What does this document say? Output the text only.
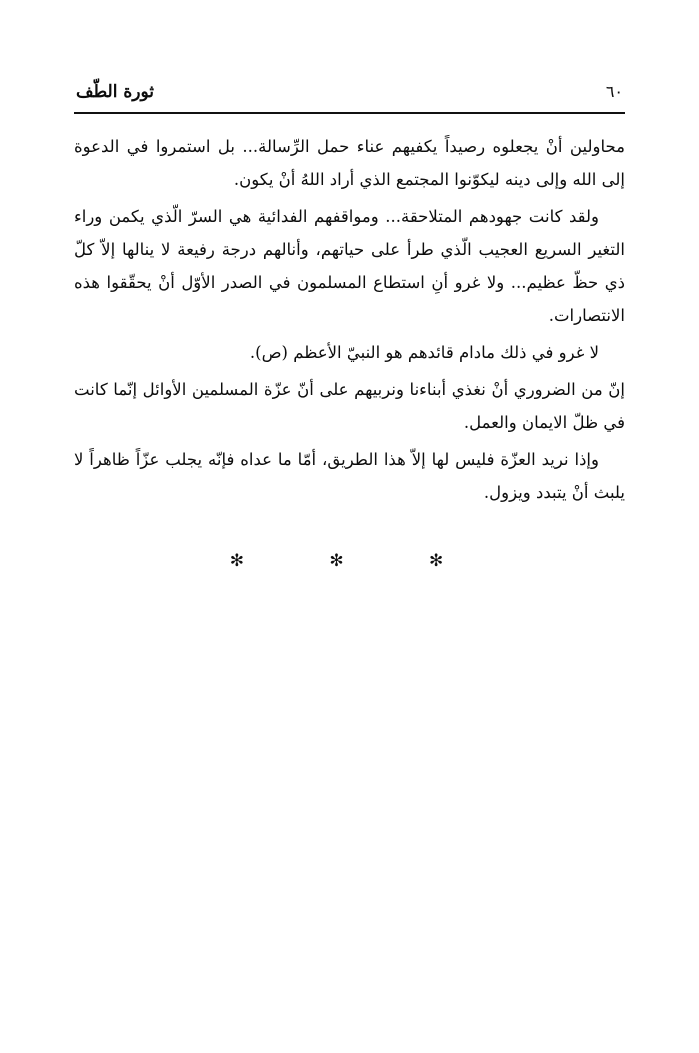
ثورة الطّف	٦٠

محاولين أنْ يجعلوه رصيداً يكفيهم عناء حمل الرِّسالة... بل استمروا في الدعوة إلى الله وإلى دينه ليكوّنوا المجتمع الذي أراد اللهُ أنْ يكون.

ولقد كانت جهودهم المتلاحقة... ومواقفهم الفدائية هي السرّ الّذي يكمن وراء التغير السريع العجيب الّذي طرأ على حياتهم، وأنالهم درجة رفيعة لا ينالها إلاّ كلّ ذي حظّ عظيم... ولا غرو أنِ استطاع المسلمون في الصدر الأوّل أنْ يحقّقوا هذه الانتصارات.

لا غرو في ذلك مادام قائدهم هو النبيّ الأعظم (ص).

إنّ من الضروري أنْ نغذي أبناءنا ونربيهم على أنّ عزّة المسلمين الأوائل إنّما كانت في ظلّ الايمان والعمل.

وإذا نريد العزّة فليس لها إلاّ هذا الطريق، أمّا ما عداه فإنّه يجلب عزّاً ظاهراً لا يلبث أنْ يتبدد ويزول.

✻	✻	✻
